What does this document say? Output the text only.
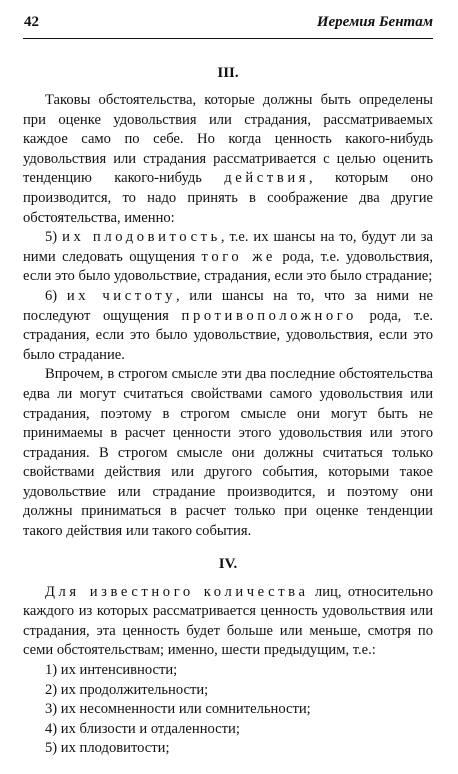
42	Иеремия Бентам
III.

Таковы обстоятельства, которые должны быть определены при оценке удовольствия или страдания, рассматриваемых каждое само по себе. Но когда ценность какого-нибудь удовольствия или страдания рассматривается с целью оценить тенденцию какого-нибудь действия, которым оно производится, то надо принять в соображение два другие обстоятельства, именно:

5) их плодовитость, т.е. их шансы на то, будут ли за ними следовать ощущения того же рода, т.е. удовольствия, если это было удовольствие, страдания, если это было страдание;

6) их чистоту, или шансы на то, что за ними не последуют ощущения противоположного рода, т.е. страдания, если это было удовольствие, удовольствия, если это было страдание.

Впрочем, в строгом смысле эти два последние обстоятельства едва ли могут считаться свойствами самого удовольствия или страдания, поэтому в строгом смысле они могут быть не принимаемы в расчет ценности этого удовольствия или этого страдания. В строгом смысле они должны считаться только свойствами действия или другого события, которыми такое удовольствие или страдание производится, и поэтому они должны приниматься в расчет только при оценке тенденции такого действия или такого события.

IV.

Для известного количества лиц, относительно каждого из которых рассматривается ценность удовольствия или страдания, эта ценность будет больше или меньше, смотря по семи обстоятельствам; именно, шести предыдущим, т.е.:

1) их интенсивности;

2) их продолжительности;

3) их несомненности или сомнительности;

4) их близости и отдаленности;

5) их плодовитости;
